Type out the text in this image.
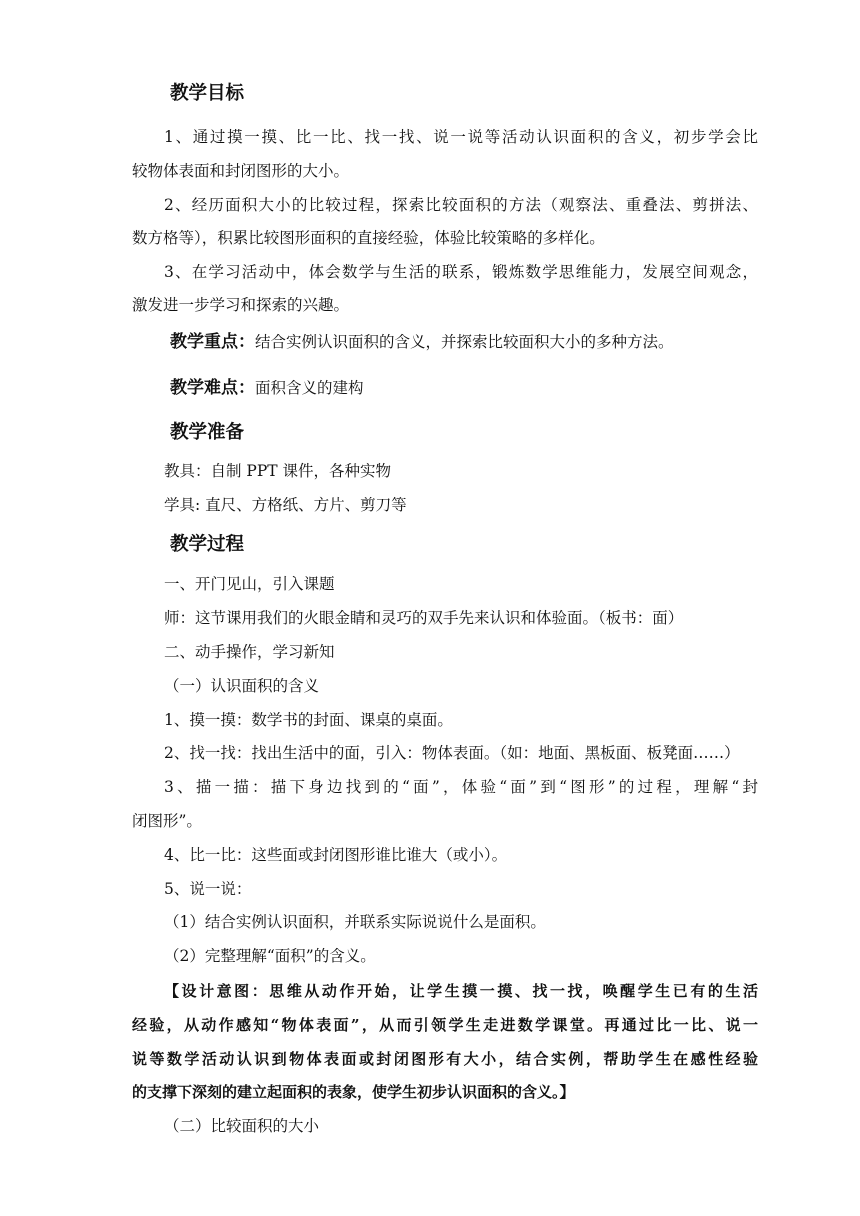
教学目标
1、通过摸一摸、比一比、找一找、说一说等活动认识面积的含义，初步学会比
较物体表面和封闭图形的大小。
2、经历面积大小的比较过程，探索比较面积的方法（观察法、重叠法、剪拼法、
数方格等），积累比较图形面积的直接经验，体验比较策略的多样化。
3、在学习活动中，体会数学与生活的联系，锻炼数学思维能力，发展空间观念，
激发进一步学习和探索的兴趣。
教学重点：结合实例认识面积的含义，并探索比较面积大小的多种方法。
教学难点：面积含义的建构
教学准备
教具：自制 PPT 课件，各种实物
学具: 直尺、方格纸、方片、剪刀等
教学过程
一、开门见山，引入课题
师：这节课用我们的火眼金睛和灵巧的双手先来认识和体验面。（板书：面）
二、动手操作，学习新知
（一）认识面积的含义
1、摸一摸：数学书的封面、课桌的桌面。
2、找一找：找出生活中的面，引入：物体表面。（如：地面、黑板面、板凳面……）
3、描一描：描下身边找到的“面”，体验“面”到“图形”的过程，理解“封
闭图形”。
4、比一比：这些面或封闭图形谁比谁大（或小）。
5、说一说：
（1）结合实例认识面积，并联系实际说说什么是面积。
（2）完整理解“面积”的含义。
【设计意图：思维从动作开始，让学生摸一摸、找一找，唤醒学生已有的生活
经验，从动作感知“物体表面”，从而引领学生走进数学课堂。再通过比一比、说一
说等数学活动认识到物体表面或封闭图形有大小，结合实例，帮助学生在感性经验
的支撑下深刻的建立起面积的表象，使学生初步认识面积的含义。】
（二）比较面积的大小
